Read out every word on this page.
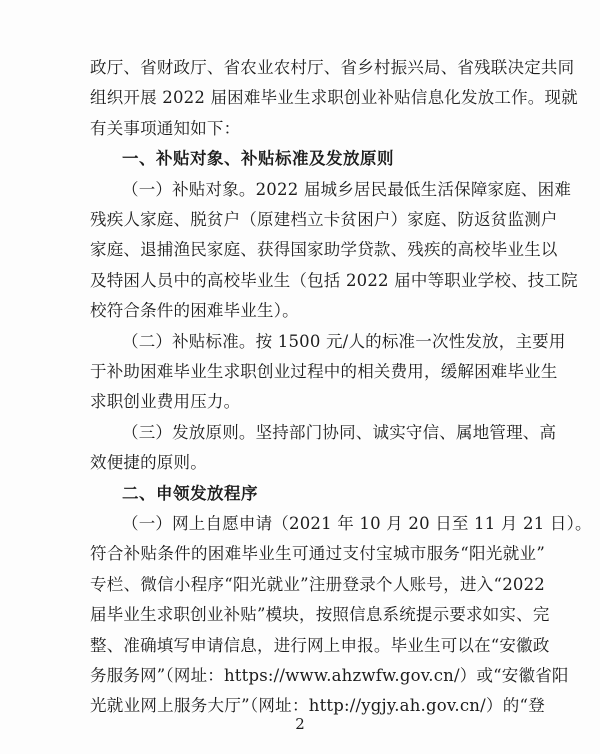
政厅、省财政厅、省农业农村厅、省乡村振兴局、省残联决定共同
组织开展 2022 届困难毕业生求职创业补贴信息化发放工作。现就
有关事项通知如下：
一、补贴对象、补贴标准及发放原则
（一）补贴对象。2022 届城乡居民最低生活保障家庭、困难
残疾人家庭、脱贫户（原建档立卡贫困户）家庭、防返贫监测户
家庭、退捕渔民家庭、获得国家助学贷款、残疾的高校毕业生以
及特困人员中的高校毕业生（包括 2022 届中等职业学校、技工院
校符合条件的困难毕业生）。
（二）补贴标准。按 1500 元/人的标准一次性发放，主要用
于补助困难毕业生求职创业过程中的相关费用，缓解困难毕业生
求职创业费用压力。
（三）发放原则。坚持部门协同、诚实守信、属地管理、高
效便捷的原则。
二、申领发放程序
（一）网上自愿申请（2021 年 10 月 20 日至 11 月 21 日）。
符合补贴条件的困难毕业生可通过支付宝城市服务“阳光就业”
专栏、微信小程序“阳光就业”注册登录个人账号，进入“2022
届毕业生求职创业补贴”模块，按照信息系统提示要求如实、完
整、准确填写申请信息，进行网上申报。毕业生可以在“安徽政
务服务网”（网址：https://www.ahzwfw.gov.cn/）或“安徽省阳
光就业网上服务大厅”（网址：http://ygjy.ah.gov.cn/）的“登
2
